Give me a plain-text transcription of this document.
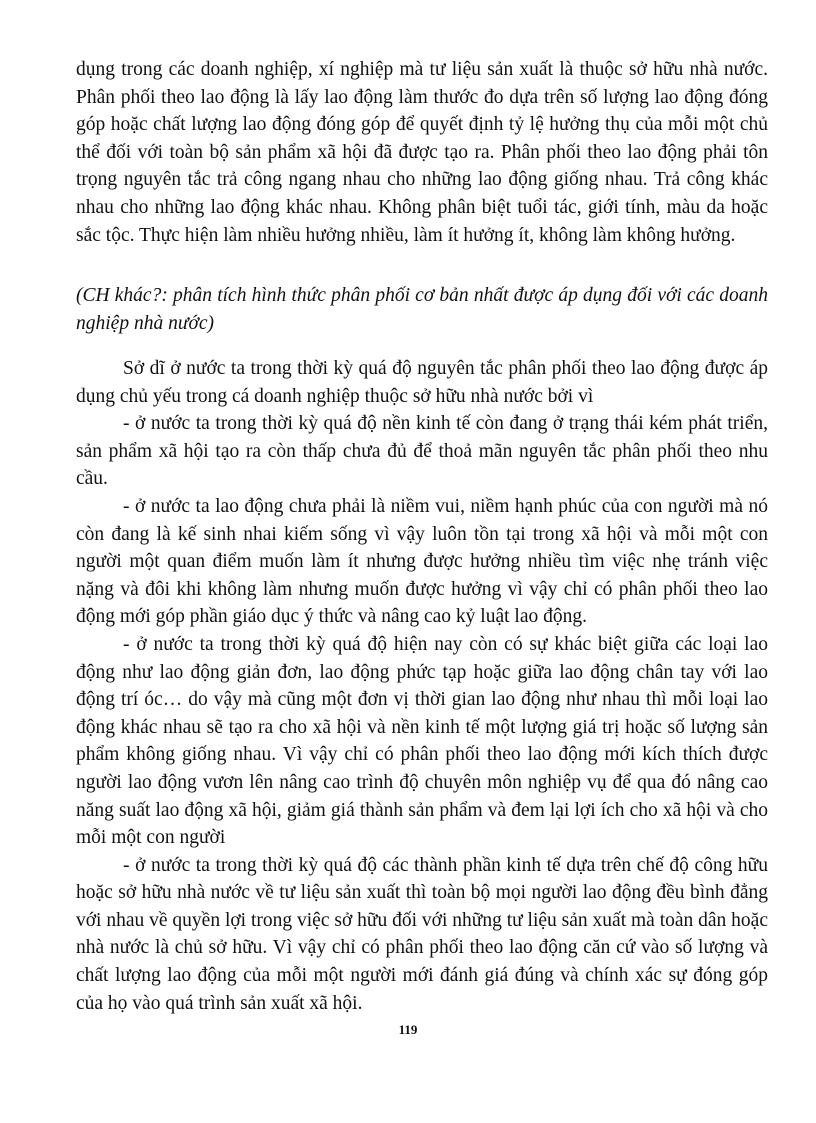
dụng trong các doanh nghiệp, xí nghiệp mà tư liệu sản xuất là thuộc sở hữu nhà nước. Phân phối theo lao động là lấy lao động làm thước đo dựa trên số lượng lao động đóng góp hoặc chất lượng lao động đóng góp để quyết định tỷ lệ hưởng thụ của mỗi một chủ thể đối với toàn bộ sản phẩm xã hội đã được tạo ra. Phân phối theo lao động phải tôn trọng nguyên tắc trả công ngang nhau cho những lao động giống nhau. Trả công khác nhau cho những lao động khác nhau. Không phân biệt tuổi tác, giới tính, màu da hoặc sắc tộc. Thực hiện làm nhiều hưởng nhiều, làm ít hưởng ít, không làm không hưởng.

(CH khác?: phân tích hình thức phân phối cơ bản nhất được áp dụng đối với các doanh nghiệp nhà nước)

Sở dĩ ở nước ta trong thời kỳ quá độ nguyên tắc phân phối theo lao động được áp dụng chủ yếu trong cá doanh nghiệp thuộc sở hữu nhà nước bởi vì

- ở nước ta trong thời kỳ quá độ nền kinh tế còn đang ở trạng thái kém phát triển, sản phẩm xã hội tạo ra còn thấp chưa đủ để thoả mãn nguyên tắc phân phối theo nhu cầu.

- ở nước ta lao động chưa phải là niềm vui, niềm hạnh phúc của con người mà nó còn đang là kế sinh nhai kiếm sống vì vậy luôn tồn tại trong xã hội và mỗi một con người một quan điểm muốn làm ít nhưng được hưởng nhiều tìm việc nhẹ tránh việc nặng và đôi khi không làm nhưng muốn được hưởng vì vậy chỉ có phân phối theo lao động mới góp phần giáo dục ý thức và nâng cao kỷ luật lao động.

- ở nước ta trong thời kỳ quá độ hiện nay còn có sự khác biệt giữa các loại lao động như lao động giản đơn, lao động phức tạp hoặc giữa lao động chân tay với lao động trí óc… do vậy mà cũng một đơn vị thời gian lao động như nhau thì mỗi loại lao động khác nhau sẽ tạo ra cho xã hội và nền kinh tế một lượng giá trị hoặc số lượng sản phẩm không giống nhau. Vì vậy chỉ có phân phối theo lao động mới kích thích được người lao động vươn lên nâng cao trình độ chuyên môn nghiệp vụ để qua đó nâng cao năng suất lao động xã hội, giảm giá thành sản phẩm và đem lại lợi ích cho xã hội và cho mỗi một con người

- ở nước ta trong thời kỳ quá độ các thành phần kinh tế dựa trên chế độ công hữu hoặc sở hữu nhà nước về tư liệu sản xuất thì toàn bộ mọi người lao động đều bình đẳng với nhau về quyền lợi trong việc sở hữu đối với những tư liệu sản xuất mà toàn dân hoặc nhà nước là chủ sở hữu. Vì vậy chỉ có phân phối theo lao động căn cứ vào số lượng và chất lượng lao động của mỗi một người mới đánh giá đúng và chính xác sự đóng góp của họ vào quá trình sản xuất xã hội.

119
